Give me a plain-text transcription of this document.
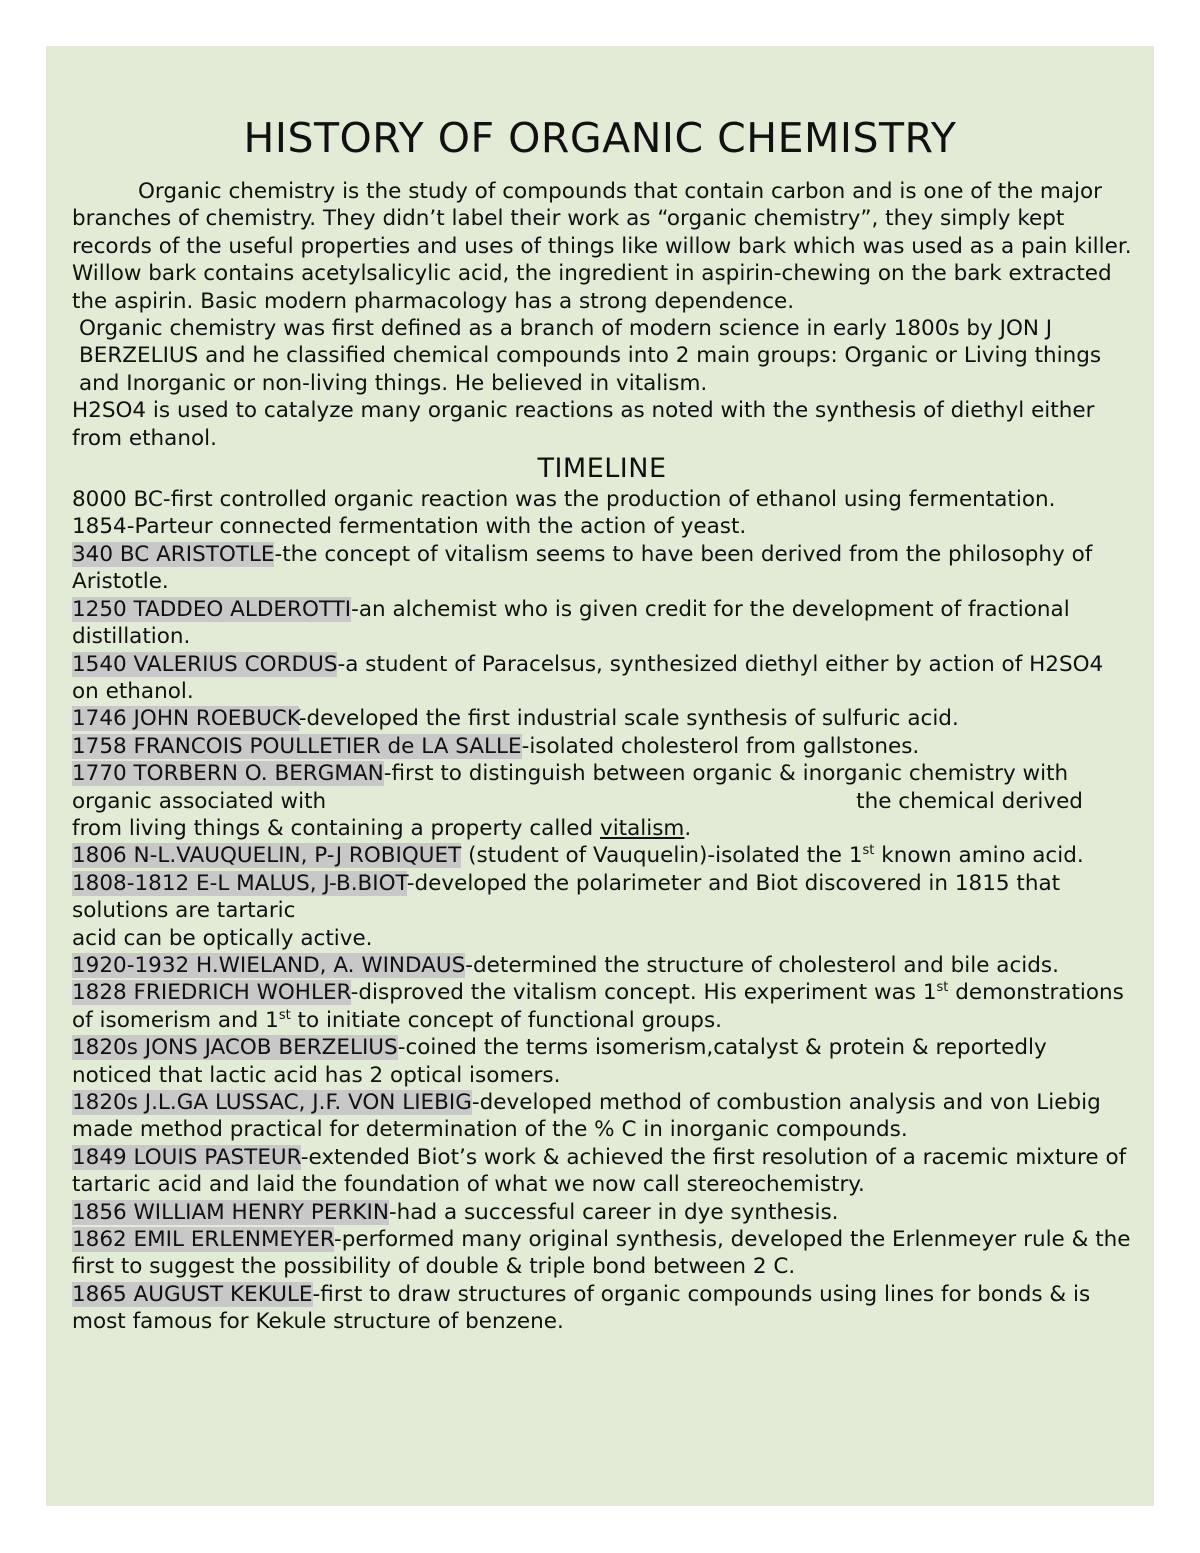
HISTORY OF ORGANIC CHEMISTRY

Organic chemistry is the study of compounds that contain carbon and is one of the major branches of chemistry. They didn’t label their work as “organic chemistry”, they simply kept records of the useful properties and uses of things like willow bark which was used as a pain killer. Willow bark contains acetylsalicylic acid, the ingredient in aspirin-chewing on the bark extracted the aspirin. Basic modern pharmacology has a strong dependence.

Organic chemistry was first defined as a branch of modern science in early 1800s by JON J BERZELIUS and he classified chemical compounds into 2 main groups: Organic or Living things and Inorganic or non-living things. He believed in vitalism.

H2SO4 is used to catalyze many organic reactions as noted with the synthesis of diethyl either from ethanol.

TIMELINE

8000 BC-first controlled organic reaction was the production of ethanol using fermentation.

1854-Parteur connected fermentation with the action of yeast.

340 BC ARISTOTLE-the concept of vitalism seems to have been derived from the philosophy of Aristotle.

1250 TADDEO ALDEROTTI-an alchemist who is given credit for the development of fractional distillation.

1540 VALERIUS CORDUS-a student of Paracelsus, synthesized diethyl either by action of H2SO4 on ethanol.

1746 JOHN ROEBUCK-developed the first industrial scale synthesis of sulfuric acid.

1758 FRANCOIS POULLETIER de LA SALLE-isolated cholesterol from gallstones.

1770 TORBERN O. BERGMAN-first to distinguish between organic & inorganic chemistry with organic associated with	the chemical derived from living things & containing a property called vitalism.

1806 N-L.VAUQUELIN, P-J ROBIQUET (student of Vauquelin)-isolated the 1st known amino acid.

1808-1812 E-L MALUS, J-B.BIOT-developed the polarimeter and Biot discovered in 1815 that solutions are tartaric
acid can be optically active.

1920-1932 H.WIELAND, A. WINDAUS-determined the structure of cholesterol and bile acids.

1828 FRIEDRICH WOHLER-disproved the vitalism concept. His experiment was 1st demonstrations of isomerism and 1st to initiate concept of functional groups.

1820s JONS JACOB BERZELIUS-coined the terms isomerism,catalyst & protein & reportedly noticed that lactic acid has 2 optical isomers.

1820s J.L.GA LUSSAC, J.F. VON LIEBIG-developed method of combustion analysis and von Liebig made method practical for determination of the % C in inorganic compounds.

1849 LOUIS PASTEUR-extended Biot’s work & achieved the first resolution of a racemic mixture of tartaric acid and laid the foundation of what we now call stereochemistry.

1856 WILLIAM HENRY PERKIN-had a successful career in dye synthesis.

1862 EMIL ERLENMEYER-performed many original synthesis, developed the Erlenmeyer rule & the first to suggest the possibility of double & triple bond between 2 C.

1865 AUGUST KEKULE-first to draw structures of organic compounds using lines for bonds & is most famous for Kekule structure of benzene.
